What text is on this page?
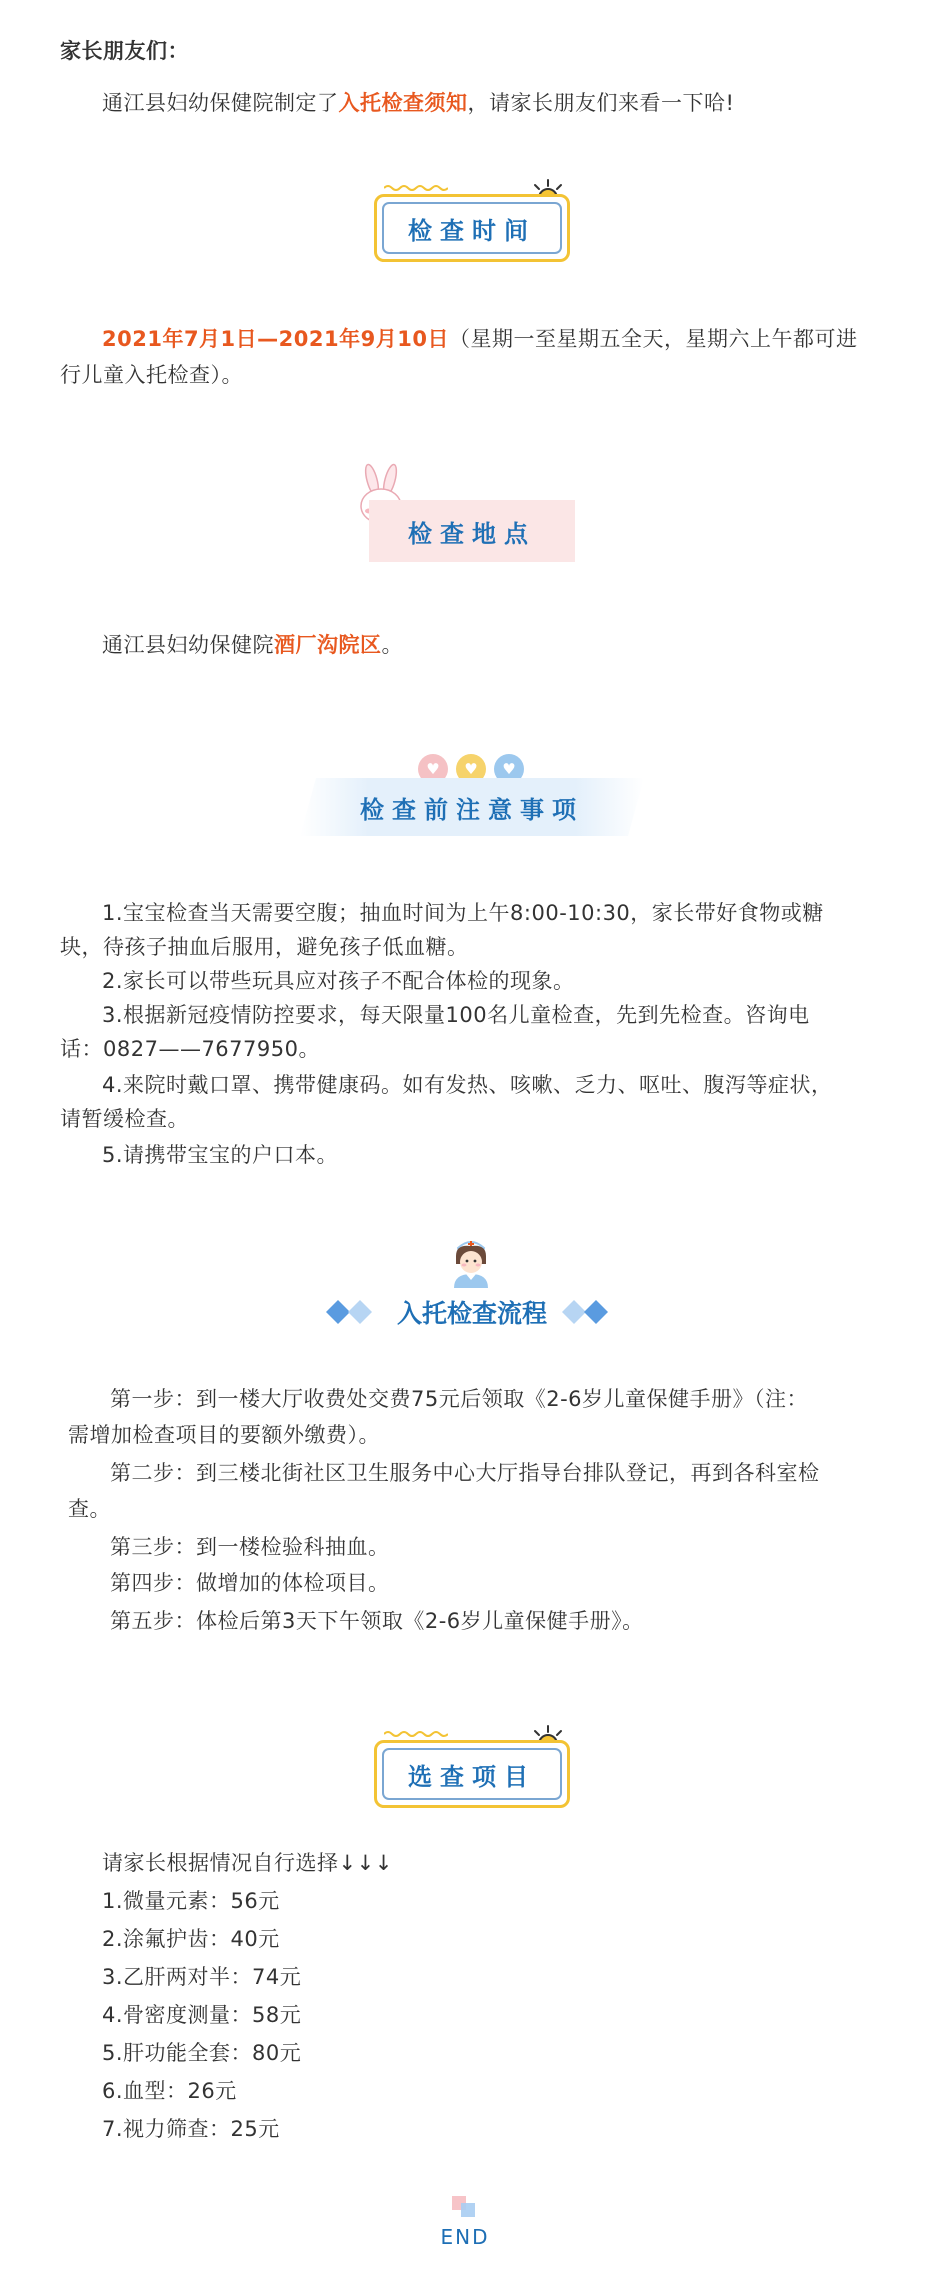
家长朋友们：
通江县妇幼保健院制定了入托检查须知，请家长朋友们来看一下哈!
检查时间
2021年7月1日—2021年9月10日（星期一至星期五全天，星期六上午都可进
行儿童入托检查）。
检查地点
通江县妇幼保健院酒厂沟院区。
♥	♥	♥
检查前注意事项
1.宝宝检查当天需要空腹；抽血时间为上午8:00-10:30，家长带好食物或糖
块，待孩子抽血后服用，避免孩子低血糖。
2.家长可以带些玩具应对孩子不配合体检的现象。
3.根据新冠疫情防控要求，每天限量100名儿童检查，先到先检查。咨询电
话：0827——7677950。
4.来院时戴口罩、携带健康码。如有发热、咳嗽、乏力、呕吐、腹泻等症状，
请暂缓检查。
5.请携带宝宝的户口本。
入托检查流程
第一步：到一楼大厅收费处交费75元后领取《2-6岁儿童保健手册》（注：
需增加检查项目的要额外缴费）。
第二步：到三楼北街社区卫生服务中心大厅指导台排队登记，再到各科室检
查。
第三步：到一楼检验科抽血。
第四步：做增加的体检项目。
第五步：体检后第3天下午领取《2-6岁儿童保健手册》。
选查项目
请家长根据情况自行选择↓↓↓
1.微量元素：56元
2.涂氟护齿：40元
3.乙肝两对半：74元
4.骨密度测量：58元
5.肝功能全套：80元
6.血型：26元
7.视力筛查：25元
END
